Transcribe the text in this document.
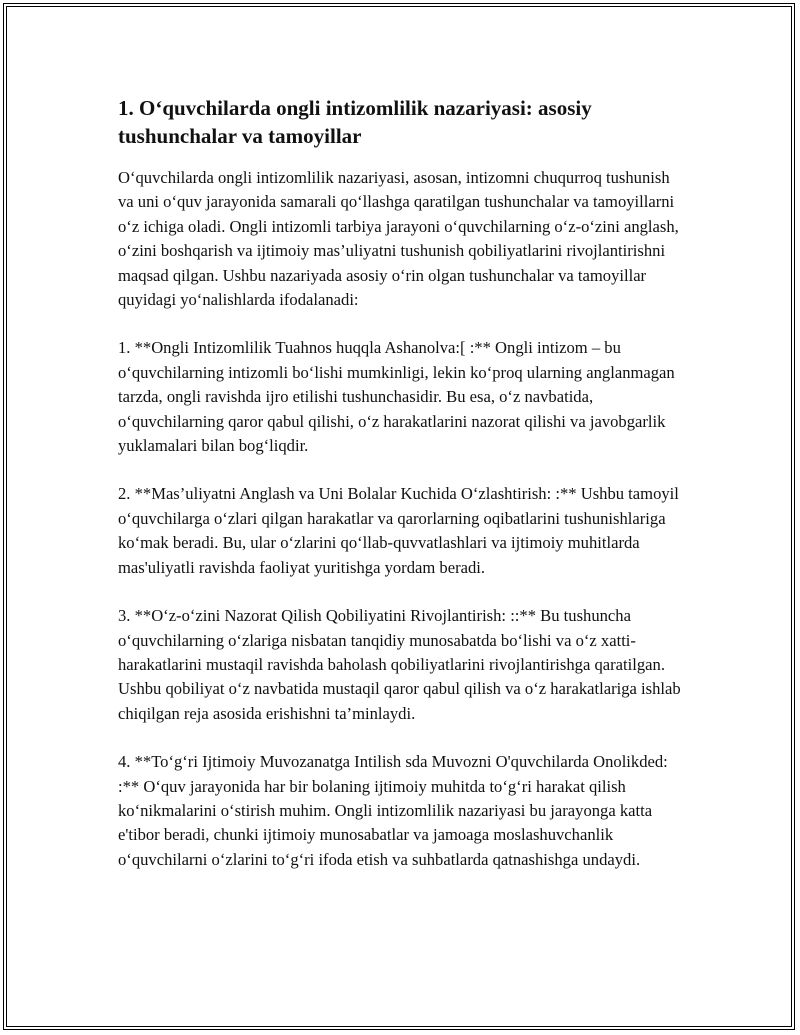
1. O‘quvchilarda ongli intizomlilik nazariyasi: asosiy tushunchalar va tamoyillar

O‘quvchilarda ongli intizomlilik nazariyasi, asosan, intizomni chuqurroq tushunish va uni o‘quv jarayonida samarali qo‘llashga qaratilgan tushunchalar va tamoyillarni o‘z ichiga oladi. Ongli intizomli tarbiya jarayoni o‘quvchilarning o‘z-o‘zini anglash, o‘zini boshqarish va ijtimoiy mas’uliyatni tushunish qobiliyatlarini rivojlantirishni maqsad qilgan. Ushbu nazariyada asosiy o‘rin olgan tushunchalar va tamoyillar quyidagi yo‘nalishlarda ifodalanadi:

1. **Ongli Intizomlilik Tuahnos huqqla Ashanolva:[ :** Ongli intizom – bu o‘quvchilarning intizomli bo‘lishi mumkinligi, lekin ko‘proq ularning anglanmagan tarzda, ongli ravishda ijro etilishi tushunchasidir. Bu esa, o‘z navbatida, o‘quvchilarning qaror qabul qilishi, o‘z harakatlarini nazorat qilishi va javobgarlik yuklamalari bilan bog‘liqdir.

2. **Mas’uliyatni Anglash va Uni Bolalar Kuchida O‘zlashtirish: :** Ushbu tamoyil o‘quvchilarga o‘zlari qilgan harakatlar va qarorlarning oqibatlarini tushunishlariga ko‘mak beradi. Bu, ular o‘zlarini qo‘llab-quvvatlashlari va ijtimoiy muhitlarda mas'uliyatli ravishda faoliyat yuritishga yordam beradi.

3. **O‘z-o‘zini Nazorat Qilish Qobiliyatini Rivojlantirish: ::** Bu tushuncha o‘quvchilarning o‘zlariga nisbatan tanqidiy munosabatda bo‘lishi va o‘z xatti-harakatlarini mustaqil ravishda baholash qobiliyatlarini rivojlantirishga qaratilgan. Ushbu qobiliyat o‘z navbatida mustaqil qaror qabul qilish va o‘z harakatlariga ishlab chiqilgan reja asosida erishishni ta’minlaydi.

4. **To‘g‘ri Ijtimoiy Muvozanatga Intilish sda Muvozni O'quvchilarda Onolikded: :** O‘quv jarayonida har bir bolaning ijtimoiy muhitda to‘g‘ri harakat qilish ko‘nikmalarini o‘stirish muhim. Ongli intizomlilik nazariyasi bu jarayonga katta e'tibor beradi, chunki ijtimoiy munosabatlar va jamoaga moslashuvchanlik o‘quvchilarni o‘zlarini to‘g‘ri ifoda etish va suhbatlarda qatnashishga undaydi.
